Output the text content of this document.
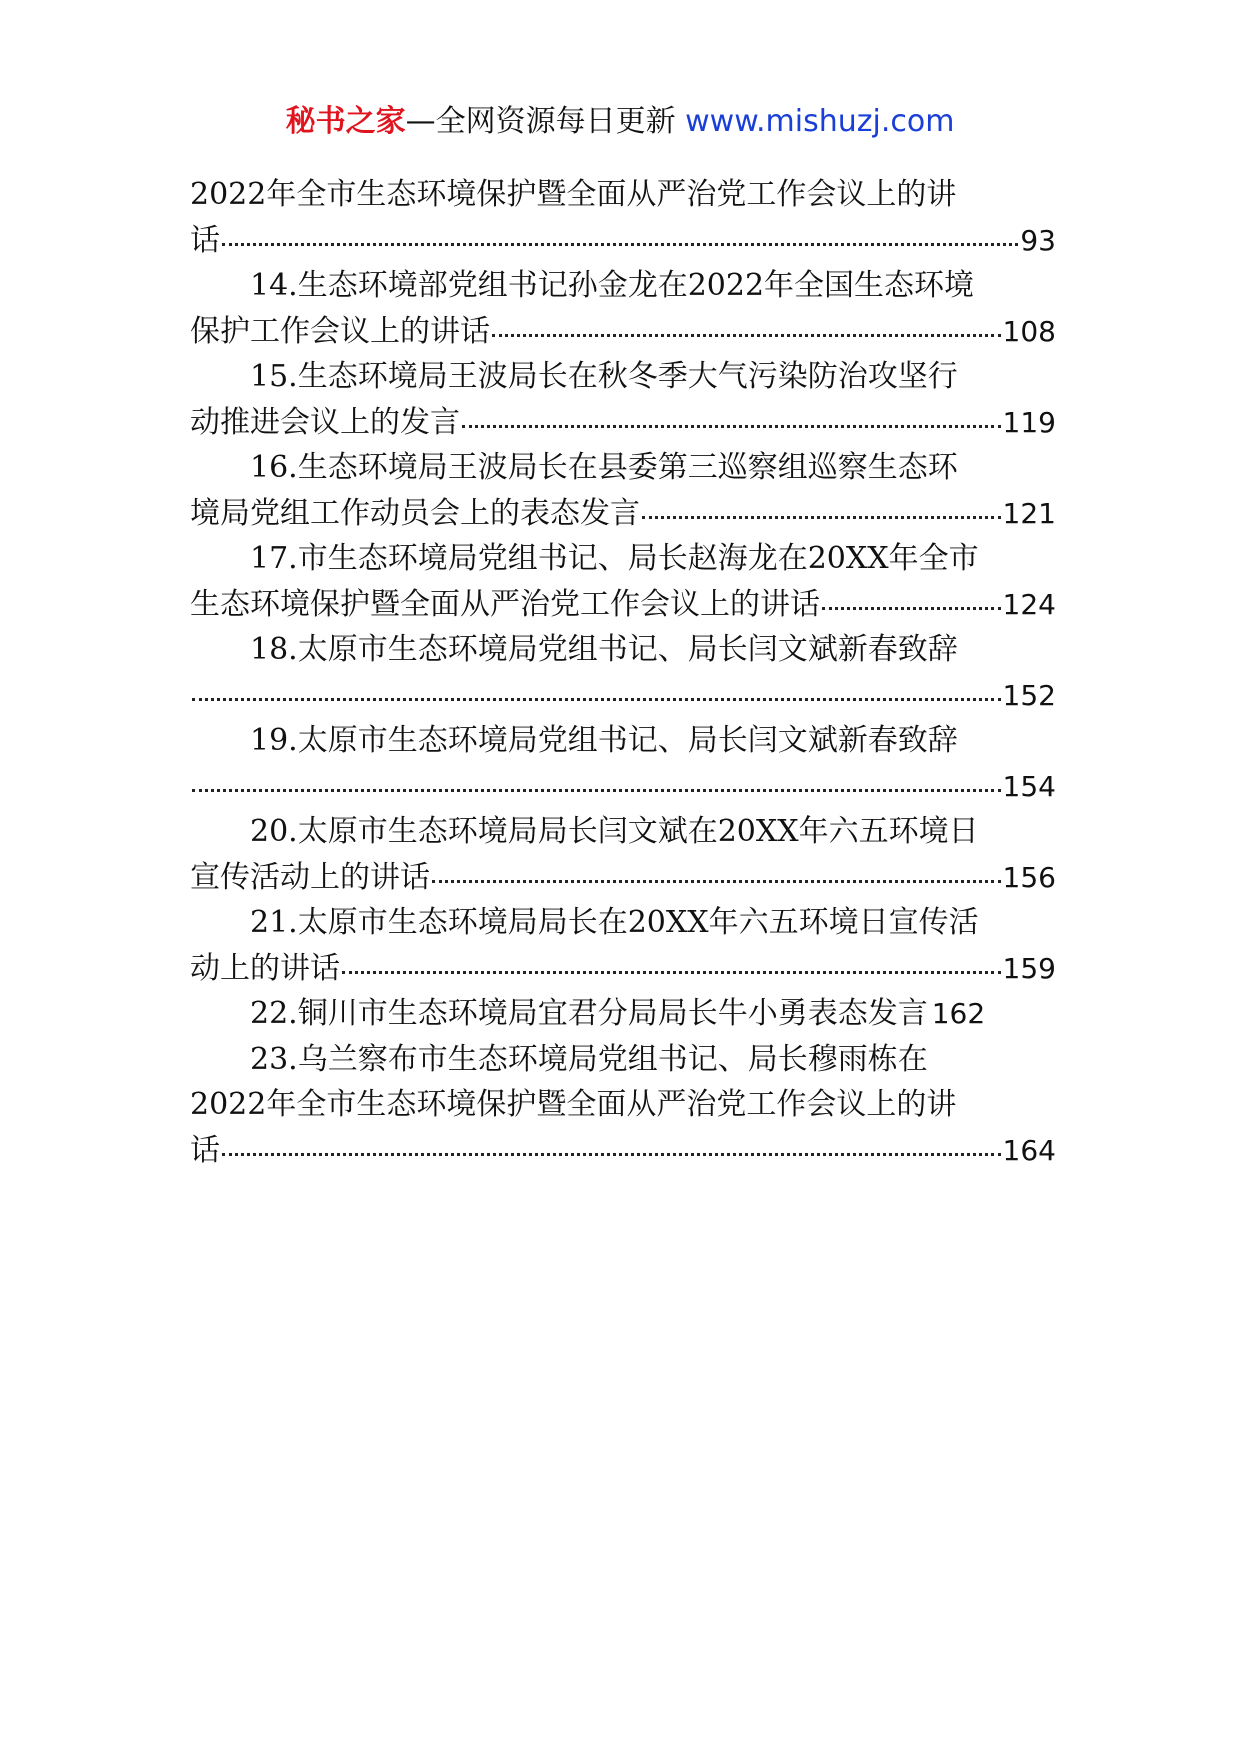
秘书之家—全网资源每日更新 www.mishuzj.com
2022年全市生态环境保护暨全面从严治党工作会议上的讲
话	93
14.生态环境部党组书记孙金龙在2022年全国生态环境
保护工作会议上的讲话	108
15.生态环境局王波局长在秋冬季大气污染防治攻坚行
动推进会议上的发言	119
16.生态环境局王波局长在县委第三巡察组巡察生态环
境局党组工作动员会上的表态发言	121
17.市生态环境局党组书记、局长赵海龙在20XX年全市
生态环境保护暨全面从严治党工作会议上的讲话	124
18.太原市生态环境局党组书记、局长闫文斌新春致辞
152
19.太原市生态环境局党组书记、局长闫文斌新春致辞
154
20.太原市生态环境局局长闫文斌在20XX年六五环境日
宣传活动上的讲话	156
21.太原市生态环境局局长在20XX年六五环境日宣传活
动上的讲话	159
22.铜川市生态环境局宜君分局局长牛小勇表态发言 162
23.乌兰察布市生态环境局党组书记、局长穆雨栋在
2022年全市生态环境保护暨全面从严治党工作会议上的讲
话	164
